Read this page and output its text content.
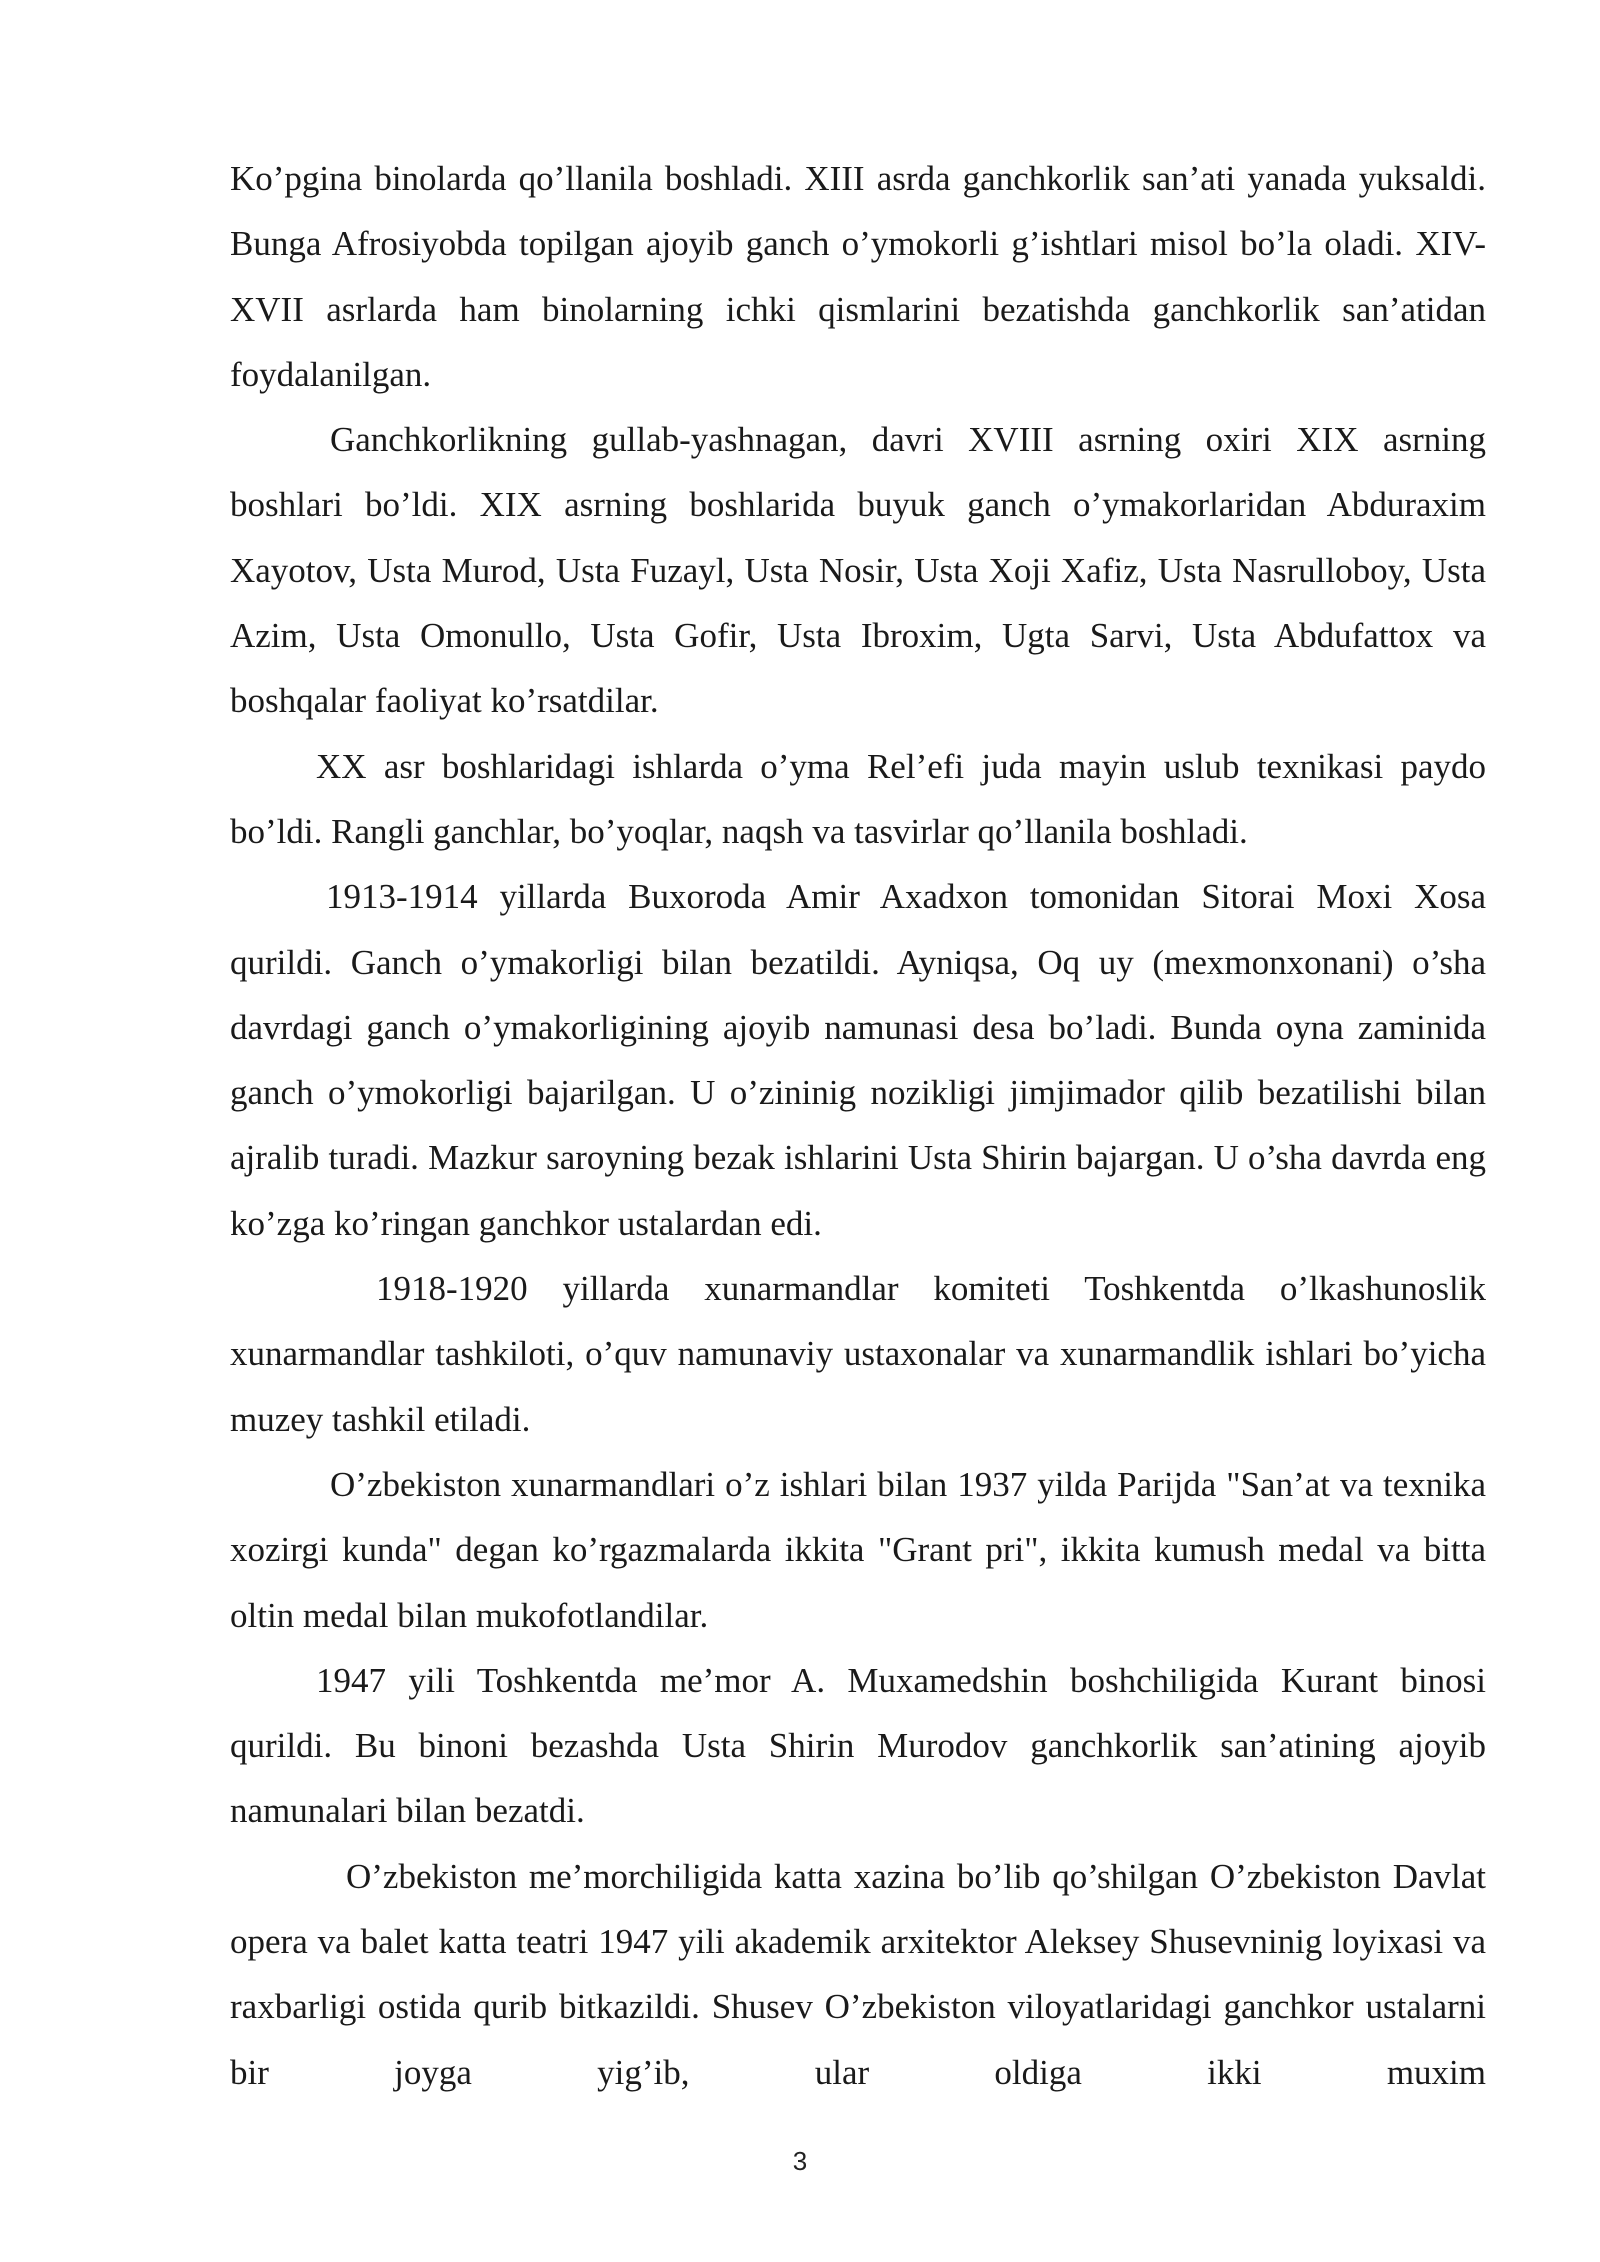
Ko’pgina binolarda qo’llanila boshladi. XIII asrda ganchkorlik san’ati yanada yuksaldi. Bunga Afrosiyobda topilgan ajoyib ganch o’ymokorli g’ishtlari misol bo’la oladi. XIV-XVII asrlarda ham binolarning ichki qismlarini bezatishda ganchkorlik san’atidan foydalanilgan.

Ganchkorlikning gullab-yashnagan, davri XVIII asrning oxiri XIX asrning boshlari bo’ldi. XIX asrning boshlarida buyuk ganch o’ymakorlaridan Abduraxim Xayotov, Usta Murod, Usta Fuzayl, Usta Nosir, Usta Xoji Xafiz, Usta Nasrulloboy, Usta Azim, Usta Omonullo, Usta Gofir, Usta Ibroxim, Ugta Sarvi, Usta Abdufattox va boshqalar faoliyat ko’rsatdilar.

XX asr boshlaridagi ishlarda o’yma Rel’efi juda mayin uslub texnikasi paydo bo’ldi. Rangli ganchlar, bo’yoqlar, naqsh va tasvirlar qo’llanila boshladi.

1913-1914 yillarda Buxoroda Amir Axadxon tomonidan Sitorai Moxi Xosa qurildi. Ganch o’ymakorligi bilan bezatildi. Ayniqsa, Oq uy (mexmonxonani) o’sha davrdagi ganch o’ymakorligining ajoyib namunasi desa bo’ladi. Bunda oyna zaminida ganch o’ymokorligi bajarilgan. U o’zininig nozikligi jimjimador qilib bezatilishi bilan ajralib turadi. Mazkur saroyning bezak ishlarini Usta Shirin bajargan. U o’sha davrda eng ko’zga ko’ringan ganchkor ustalardan edi.

1918-1920 yillarda xunarmandlar komiteti Toshkentda o’lkashunoslik xunarmandlar tashkiloti, o’quv namunaviy ustaxonalar va xunarmandlik ishlari bo’yicha muzey tashkil etiladi.

O’zbekiston xunarmandlari o’z ishlari bilan 1937 yilda Parijda "San’at va texnika xozirgi kunda" degan ko’rgazmalarda ikkita "Grant pri", ikkita kumush medal va bitta oltin medal bilan mukofotlandilar.

1947 yili Toshkentda me’mor A. Muxamedshin boshchiligida Kurant binosi qurildi. Bu binoni bezashda Usta Shirin Murodov ganchkorlik san’atining ajoyib namunalari bilan bezatdi.

O’zbekiston me’morchiligida katta xazina bo’lib qo’shilgan O’zbekiston Davlat opera va balet katta teatri 1947 yili akademik arxitektor Aleksey Shusevninig loyixasi va raxbarligi ostida qurib bitkazildi. Shusev O’zbekiston viloyatlaridagi ganchkor ustalarni bir joyga yig’ib, ular oldiga ikki muxim

3
